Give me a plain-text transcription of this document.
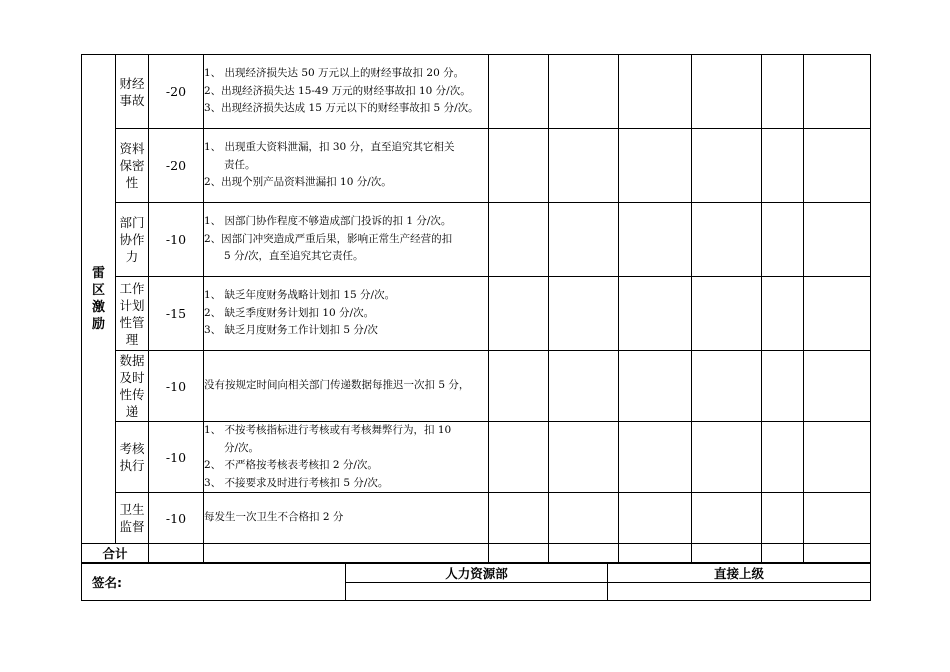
雷区激励	财经事故	-20	1、 出现经济损失达 50 万元以上的财经事故扣 20 分。
2、出现经济损失达 15-49 万元的财经事故扣 10 分/次。
3、出现经济损失达成 15 万元以下的财经事故扣 5 分/次。						

	资料保密性	-20	1、 出现重大资料泄漏，扣 30 分，直至追究其它相关
责任。
2、出现个别产品资料泄漏扣 10 分/次。						

	部门协作力	-10	1、 因部门协作程度不够造成部门投诉的扣 1 分/次。
2、因部门冲突造成严重后果，影响正常生产经营的扣
5 分/次，直至追究其它责任。						

	工作计划性管理	-15	1、 缺乏年度财务战略计划扣 15 分/次。
2、 缺乏季度财务计划扣 10 分/次。
3、 缺乏月度财务工作计划扣 5 分/次						

	数据及时性传递	-10	没有按规定时间向相关部门传递数据每推迟一次扣 5 分，						

	考核执行	-10	1、 不按考核指标进行考核或有考核舞弊行为，扣 10
分/次。
2、 不严格按考核表考核扣 2 分/次。
3、 不接要求及时进行考核扣 5 分/次。						

	卫生监督	-10	每发生一次卫生不合格扣 2 分						

合计									
签名:	人力资源部	直接上级
